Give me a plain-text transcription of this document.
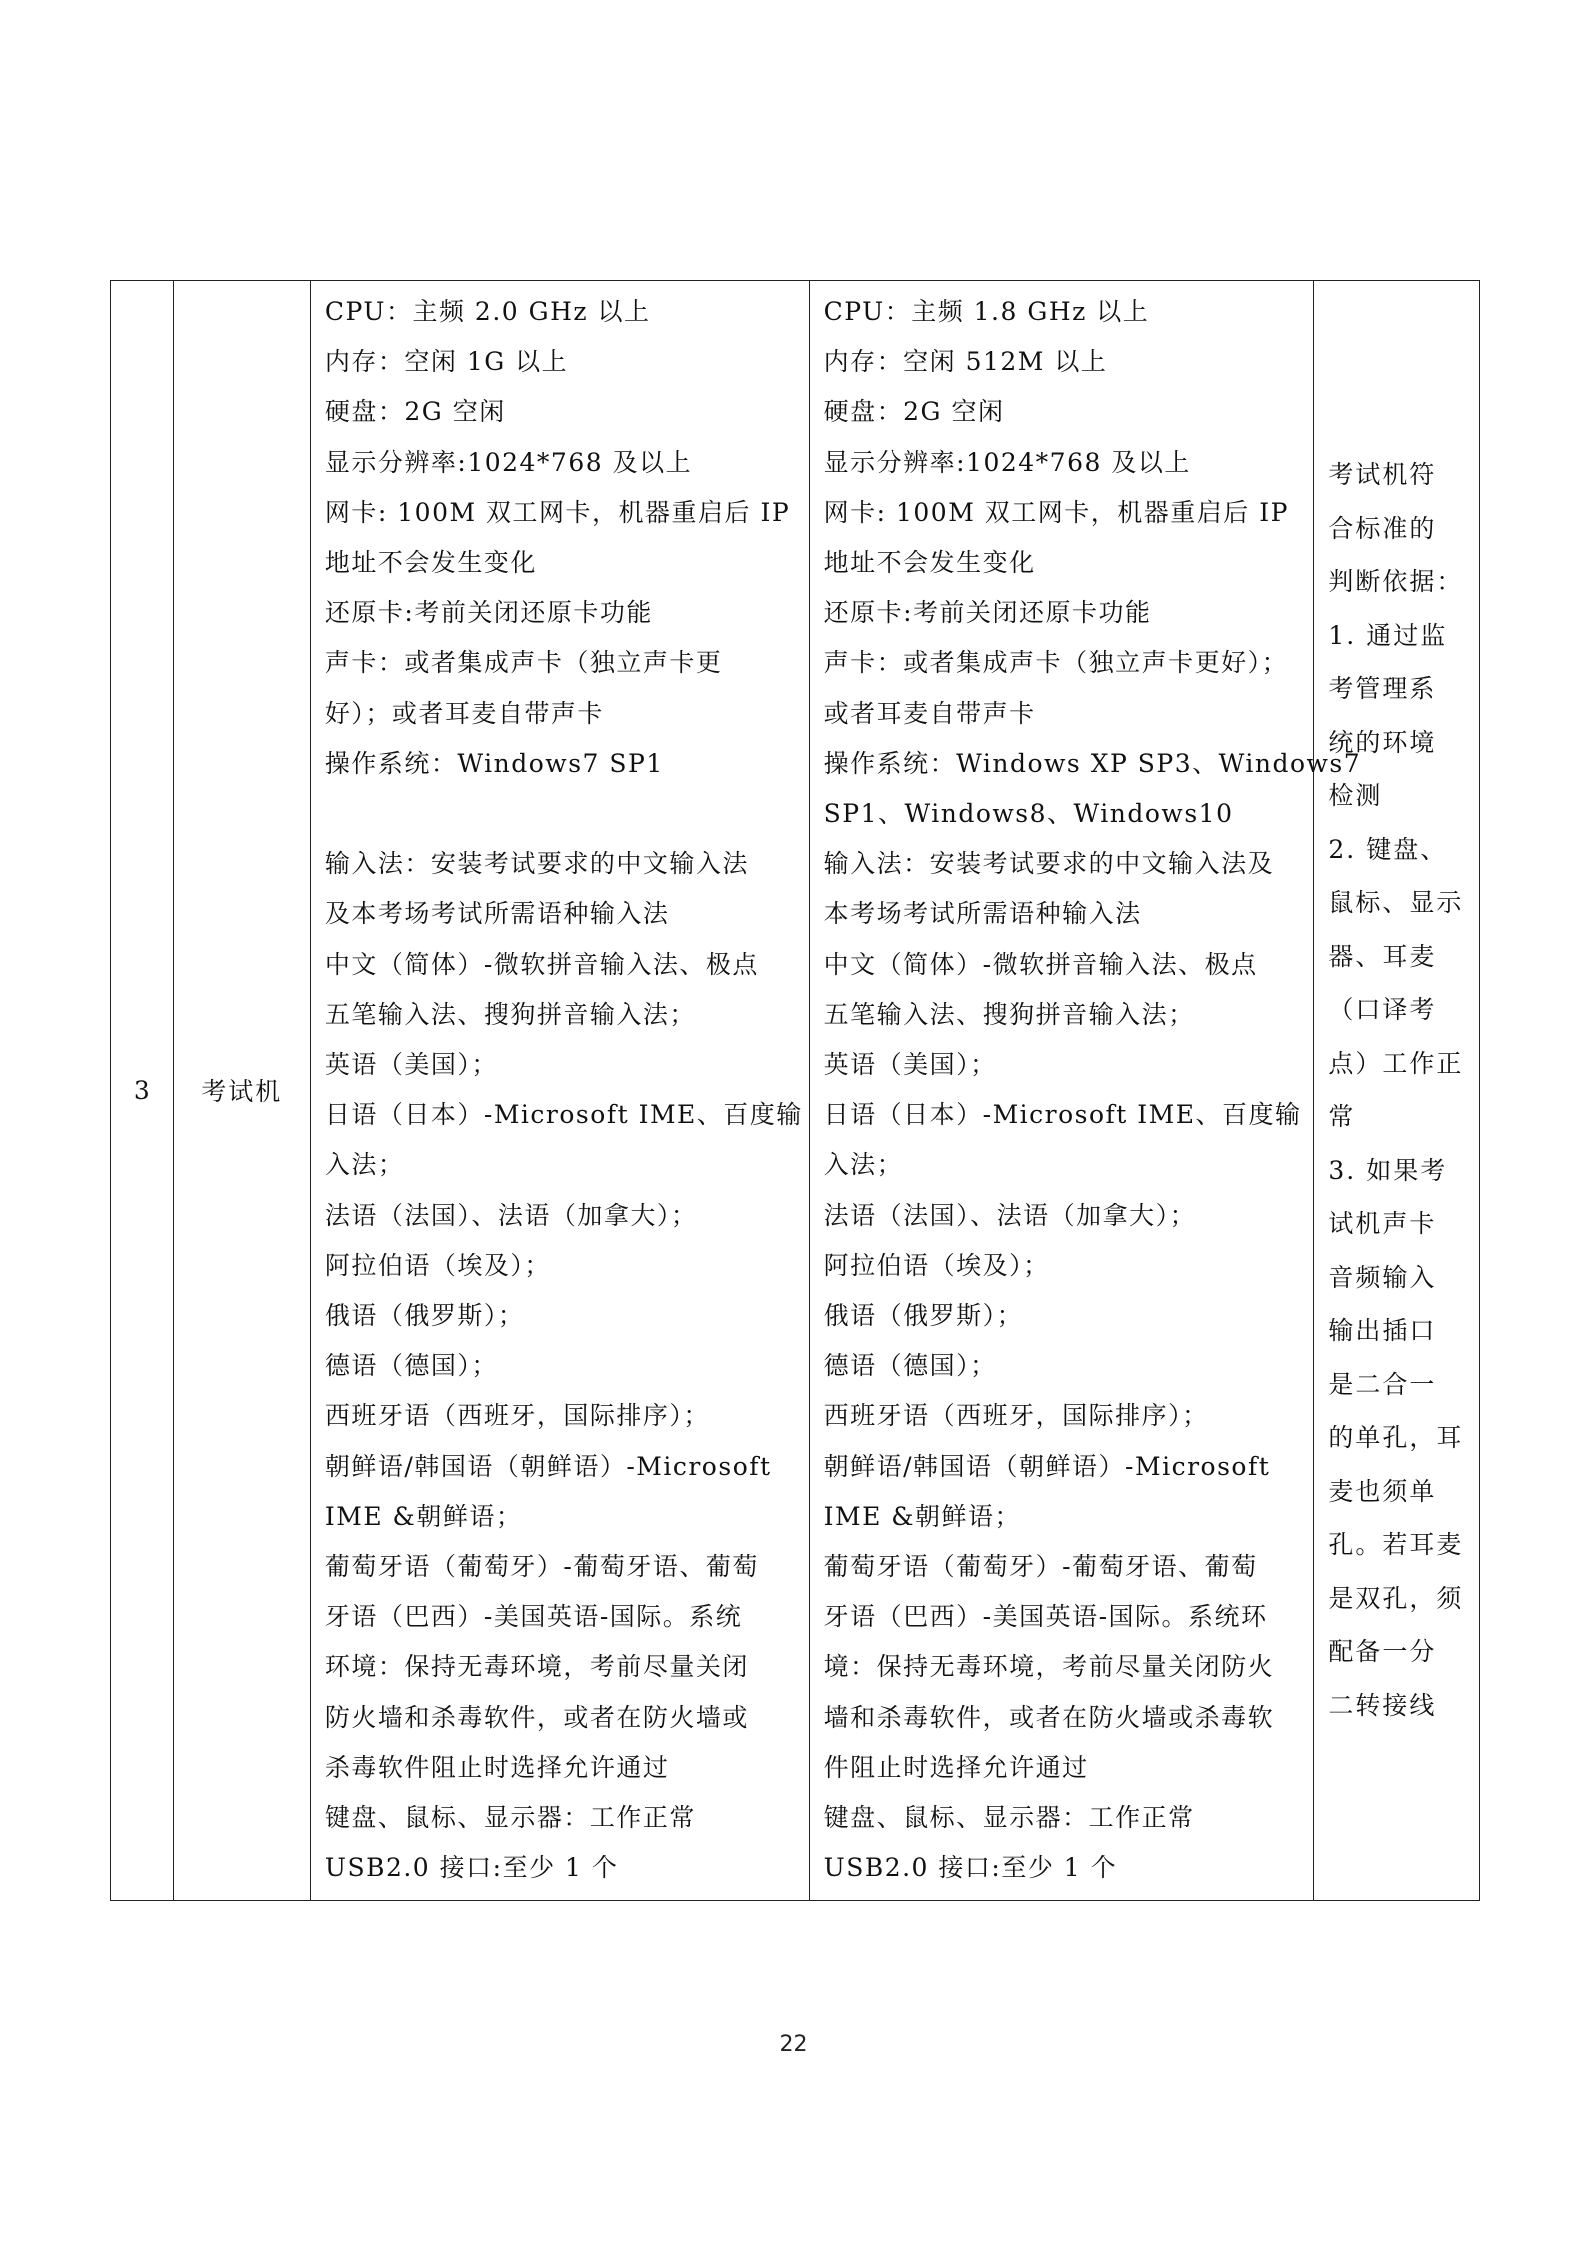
3	考试机	
CPU：主频 2.0 GHz 以上
内存：空闲 1G 以上
硬盘：2G 空闲
显示分辨率:1024*768 及以上
网卡: 100M 双工网卡，机器重启后 IP
地址不会发生变化
还原卡:考前关闭还原卡功能
声卡：或者集成声卡（独立声卡更
好）；或者耳麦自带声卡
操作系统：Windows7 SP1
输入法：安装考试要求的中文输入法
及本考场考试所需语种输入法
中文（简体）-微软拼音输入法、极点
五笔输入法、搜狗拼音输入法；
英语（美国）；
日语（日本）-Microsoft IME、百度输
入法；
法语（法国）、法语（加拿大）；
阿拉伯语（埃及）；
俄语（俄罗斯）；
德语（德国）；
西班牙语（西班牙，国际排序）；
朝鲜语/韩国语（朝鲜语）-Microsoft
IME &朝鲜语；
葡萄牙语（葡萄牙）-葡萄牙语、葡萄
牙语（巴西）-美国英语-国际。系统
环境：保持无毒环境，考前尽量关闭
防火墙和杀毒软件，或者在防火墙或
杀毒软件阻止时选择允许通过
键盘、鼠标、显示器：工作正常
USB2.0 接口:至少 1 个

CPU：主频 1.8 GHz 以上
内存：空闲 512M 以上
硬盘：2G 空闲
显示分辨率:1024*768 及以上
网卡: 100M 双工网卡，机器重启后 IP
地址不会发生变化
还原卡:考前关闭还原卡功能
声卡：或者集成声卡（独立声卡更好）；
或者耳麦自带声卡
操作系统：Windows XP SP3、Windows7
SP1、Windows8、Windows10
输入法：安装考试要求的中文输入法及
本考场考试所需语种输入法
中文（简体）-微软拼音输入法、极点
五笔输入法、搜狗拼音输入法；
英语（美国）；
日语（日本）-Microsoft IME、百度输
入法；
法语（法国）、法语（加拿大）；
阿拉伯语（埃及）；
俄语（俄罗斯）；
德语（德国）；
西班牙语（西班牙，国际排序）；
朝鲜语/韩国语（朝鲜语）-Microsoft
IME &朝鲜语；
葡萄牙语（葡萄牙）-葡萄牙语、葡萄
牙语（巴西）-美国英语-国际。系统环
境：保持无毒环境，考前尽量关闭防火
墙和杀毒软件，或者在防火墙或杀毒软
件阻止时选择允许通过
键盘、鼠标、显示器：工作正常
USB2.0 接口:至少 1 个

考试机符
合标准的
判断依据：
1. 通过监
考管理系
统的环境
检测
2. 键盘、
鼠标、显示
器、耳麦
（口译考
点）工作正
常
3. 如果考
试机声卡
音频输入
输出插口
是二合一
的单孔，耳
麦也须单
孔。若耳麦
是双孔，须
配备一分
二转接线
22
